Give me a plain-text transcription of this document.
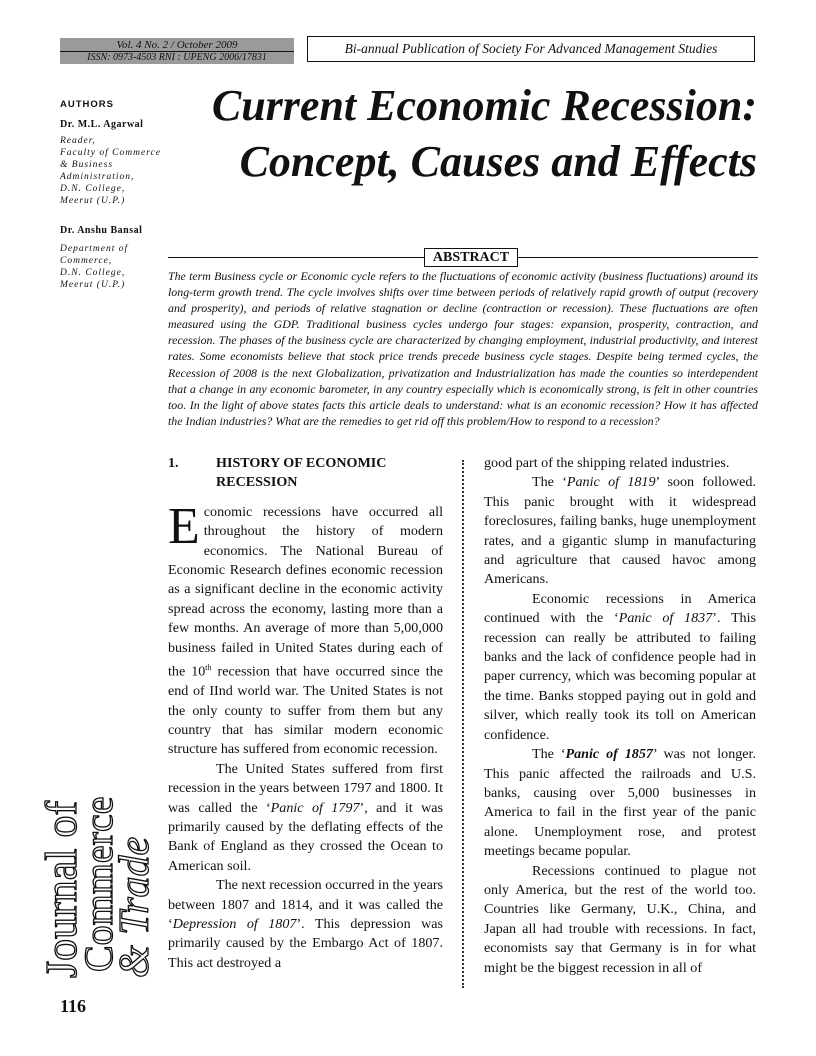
Vol. 4 No. 2 / October 2009
ISSN: 0973-4503 RNI : UPENG 2006/17831
Bi-annual Publication of Society For Advanced Management Studies
AUTHORS
Dr. M.L. Agarwal
Reader,
Faculty of Commerce
& Business
Administration,
D.N. College,
Meerut (U.P.)
Dr. Anshu Bansal
Department of
Commerce,
D.N. College,
Meerut (U.P.)
Current Economic Recession:
Concept, Causes and Effects
ABSTRACT
The term Business cycle or Economic cycle refers to the fluctuations of economic activity (business fluctuations) around its long-term growth trend. The cycle involves shifts over time between periods of relatively rapid growth of output (recovery and prosperity), and periods of relative stagnation or decline (contraction or recession). These fluctuations are often measured using the GDP. Traditional business cycles undergo four stages: expansion, prosperity, contraction, and recession. The phases of the business cycle are characterized by changing employment, industrial productivity, and interest rates. Some economists believe that stock price trends precede business cycle stages. Despite being termed cycles, the Recession of 2008 is the next Globalization, privatization and Industrialization has made the counties so interdependent that a change in any economic barometer, in any country especially which is economically strong, is felt in other countries too. In the light of above states facts this article deals to understand: what is an economic recession? How it has affected the Indian industries? What are the remedies to get rid off this problem/How to respond to a recession?
1.	HISTORY OF ECONOMIC RECESSION

Economic recessions have occurred all throughout the history of modern economics. The National Bureau of Economic Research defines economic recession as a significant decline in the economic activity spread across the economy, lasting more than a few months. An average of more than 5,00,000 business failed in United States during each of the 10th recession that have occurred since the end of IInd world war. The United States is not the only county to suffer from them but any country that has similar modern economic structure has suffered from economic recession.

The United States suffered from first recession in the years between 1797 and 1800. It was called the ‘Panic of 1797’, and it was primarily caused by the deflating effects of the Bank of England as they crossed the Ocean to American soil.

The next recession occurred in the years between 1807 and 1814, and it was called the ‘Depression of 1807’. This depression was primarily caused by the Embargo Act of 1807. This act destroyed a

good part of the shipping related industries.

The ‘Panic of 1819’ soon followed. This panic brought with it widespread foreclosures, failing banks, huge unemployment rates, and a gigantic slump in manufacturing and agriculture that caused havoc among Americans.

Economic recessions in America continued with the ‘Panic of 1837’. This recession can really be attributed to failing banks and the lack of confidence people had in paper currency, which was becoming popular at the time. Banks stopped paying out in gold and silver, which really took its toll on American confidence.

The ‘Panic of 1857’ was not longer. This panic affected the railroads and U.S. banks, causing over 5,000 businesses in America to fail in the first year of the panic alone. Unemployment rose, and protest meetings became popular.

Recessions continued to plague not only America, but the rest of the world too. Countries like Germany, U.K., China, and Japan all had trouble with recessions. In fact, economists say that Germany is in for what might be the biggest recession in all of

Journal of
Commerce
& Trade
116
